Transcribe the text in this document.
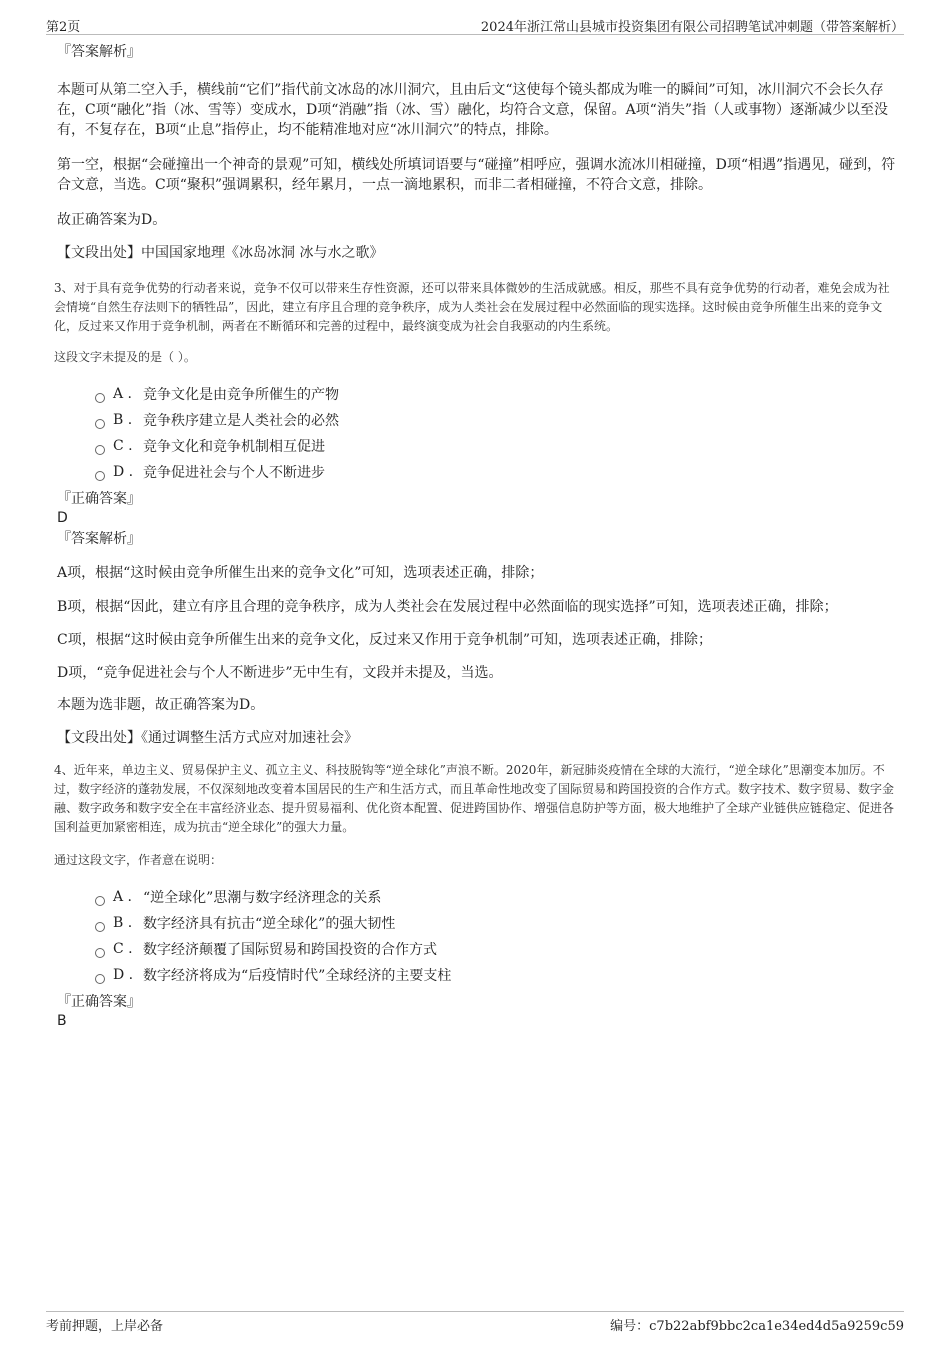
第2页	2024年浙江常山县城市投资集团有限公司招聘笔试冲刺题（带答案解析）
『答案解析』

本题可从第二空入手，横线前“它们”指代前文冰岛的冰川洞穴，且由后文“这使每个镜头都成为唯一的瞬间”可知，冰川洞穴不会长久存在，C项“融化”指（冰、雪等）变成水，D项“消融”指（冰、雪）融化，均符合文意，保留。A项“消失”指（人或事物）逐渐减少以至没有，不复存在，B项“止息”指停止，均不能精准地对应“冰川洞穴”的特点，排除。

第一空，根据“会碰撞出一个神奇的景观”可知，横线处所填词语要与“碰撞”相呼应，强调水流冰川相碰撞，D项“相遇”指遇见，碰到，符合文意，当选。C项“聚积”强调累积，经年累月，一点一滴地累积，而非二者相碰撞，不符合文意，排除。

故正确答案为D。

【文段出处】中国国家地理《冰岛冰洞 冰与水之歌》

3、对于具有竞争优势的行动者来说，竞争不仅可以带来生存性资源，还可以带来具体微妙的生活成就感。相反，那些不具有竞争优势的行动者，难免会成为社会情境“自然生存法则下的牺牲品”，因此，建立有序且合理的竞争秩序，成为人类社会在发展过程中必然面临的现实选择。这时候由竞争所催生出来的竞争文化，反过来又作用于竞争机制，两者在不断循环和完善的过程中，最终演变成为社会自我驱动的内生系统。

这段文字未提及的是（ ）。

A . 竞争文化是由竞争所催生的产物
B . 竞争秩序建立是人类社会的必然
C . 竞争文化和竞争机制相互促进
D . 竞争促进社会与个人不断进步
『正确答案』
D
『答案解析』

A项，根据“这时候由竞争所催生出来的竞争文化”可知，选项表述正确，排除；

B项，根据“因此，建立有序且合理的竞争秩序，成为人类社会在发展过程中必然面临的现实选择”可知，选项表述正确，排除；

C项，根据“这时候由竞争所催生出来的竞争文化，反过来又作用于竞争机制”可知，选项表述正确，排除；

D项，“竞争促进社会与个人不断进步”无中生有，文段并未提及，当选。

本题为选非题，故正确答案为D。

【文段出处】《通过调整生活方式应对加速社会》

4、近年来，单边主义、贸易保护主义、孤立主义、科技脱钩等“逆全球化”声浪不断。2020年，新冠肺炎疫情在全球的大流行，“逆全球化”思潮变本加厉。不过，数字经济的蓬勃发展，不仅深刻地改变着本国居民的生产和生活方式，而且革命性地改变了国际贸易和跨国投资的合作方式。数字技术、数字贸易、数字金融、数字政务和数字安全在丰富经济业态、提升贸易福利、优化资本配置、促进跨国协作、增强信息防护等方面，极大地维护了全球产业链供应链稳定、促进各国利益更加紧密相连，成为抗击“逆全球化”的强大力量。

通过这段文字，作者意在说明：

A . “逆全球化”思潮与数字经济理念的关系
B . 数字经济具有抗击“逆全球化”的强大韧性
C . 数字经济颠覆了国际贸易和跨国投资的合作方式
D . 数字经济将成为“后疫情时代”全球经济的主要支柱
『正确答案』
B
考前押题，上岸必备	编号：c7b22abf9bbc2ca1e34ed4d5a9259c59
